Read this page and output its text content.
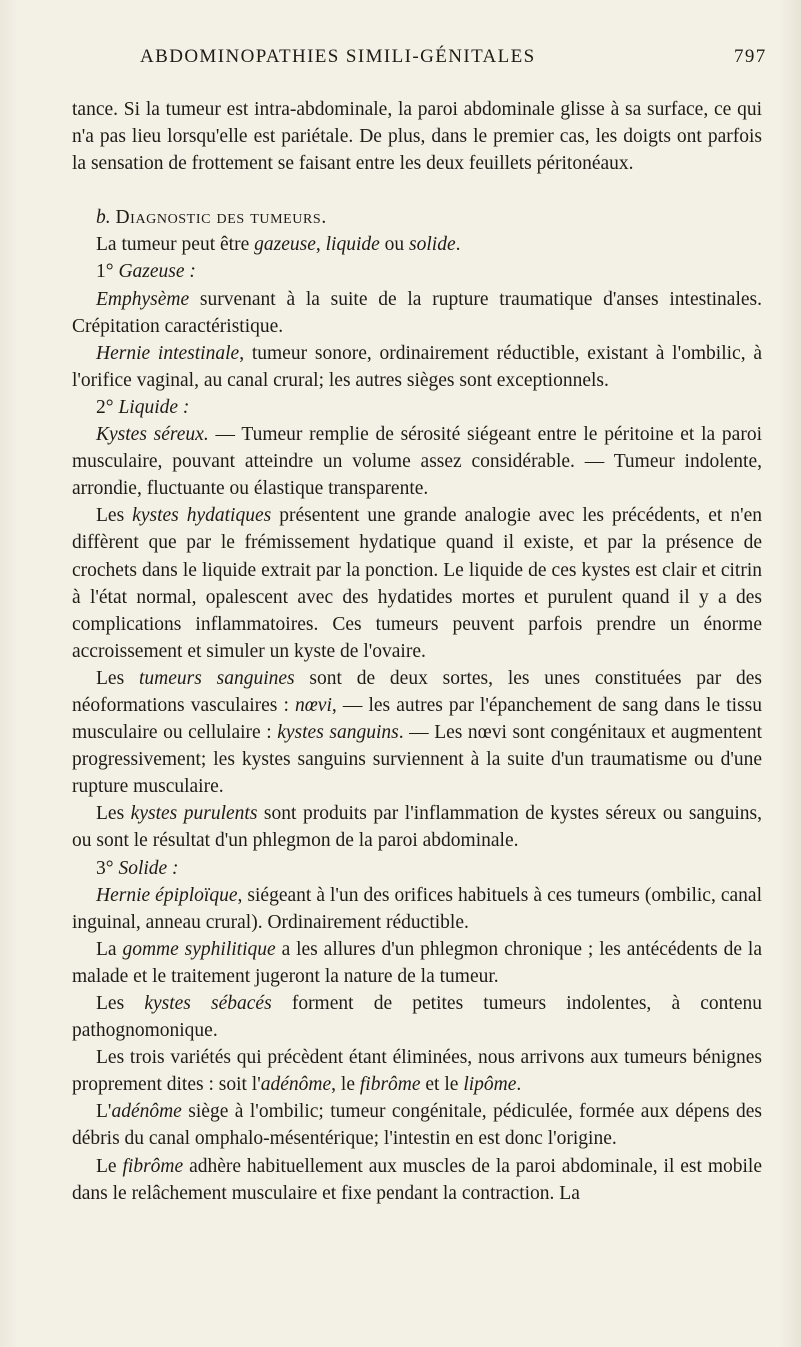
ABDOMINOPATHIES SIMILI-GÉNITALES	797

tance. Si la tumeur est intra-abdominale, la paroi abdominale glisse à sa surface, ce qui n'a pas lieu lorsqu'elle est pariétale. De plus, dans le premier cas, les doigts ont parfois la sensation de frottement se faisant entre les deux feuillets péritonéaux.

b. Diagnostic des tumeurs.

La tumeur peut être gazeuse, liquide ou solide.

1° Gazeuse :

Emphysème survenant à la suite de la rupture traumatique d'anses intestinales. Crépitation caractéristique.

Hernie intestinale, tumeur sonore, ordinairement réductible, existant à l'ombilic, à l'orifice vaginal, au canal crural; les autres sièges sont exceptionnels.

2° Liquide :

Kystes séreux. — Tumeur remplie de sérosité siégeant entre le péritoine et la paroi musculaire, pouvant atteindre un volume assez considérable. — Tumeur indolente, arrondie, fluctuante ou élastique transparente.

Les kystes hydatiques présentent une grande analogie avec les précédents, et n'en diffèrent que par le frémissement hydatique quand il existe, et par la présence de crochets dans le liquide extrait par la ponction. Le liquide de ces kystes est clair et citrin à l'état normal, opalescent avec des hydatides mortes et purulent quand il y a des complications inflammatoires. Ces tumeurs peuvent parfois prendre un énorme accroissement et simuler un kyste de l'ovaire.

Les tumeurs sanguines sont de deux sortes, les unes constituées par des néoformations vasculaires : nœvi, — les autres par l'épanchement de sang dans le tissu musculaire ou cellulaire : kystes sanguins. — Les nœvi sont congénitaux et augmentent progressivement; les kystes sanguins surviennent à la suite d'un traumatisme ou d'une rupture musculaire.

Les kystes purulents sont produits par l'inflammation de kystes séreux ou sanguins, ou sont le résultat d'un phlegmon de la paroi abdominale.

3° Solide :

Hernie épiploïque, siégeant à l'un des orifices habituels à ces tumeurs (ombilic, canal inguinal, anneau crural). Ordinairement réductible.

La gomme syphilitique a les allures d'un phlegmon chronique ; les antécédents de la malade et le traitement jugeront la nature de la tumeur.

Les kystes sébacés forment de petites tumeurs indolentes, à contenu pathognomonique.

Les trois variétés qui précèdent étant éliminées, nous arrivons aux tumeurs bénignes proprement dites : soit l'adénôme, le fibrôme et le lipôme.

L'adénôme siège à l'ombilic; tumeur congénitale, pédiculée, formée aux dépens des débris du canal omphalo-mésentérique; l'intestin en est donc l'origine.

Le fibrôme adhère habituellement aux muscles de la paroi abdominale, il est mobile dans le relâchement musculaire et fixe pendant la contraction. La
